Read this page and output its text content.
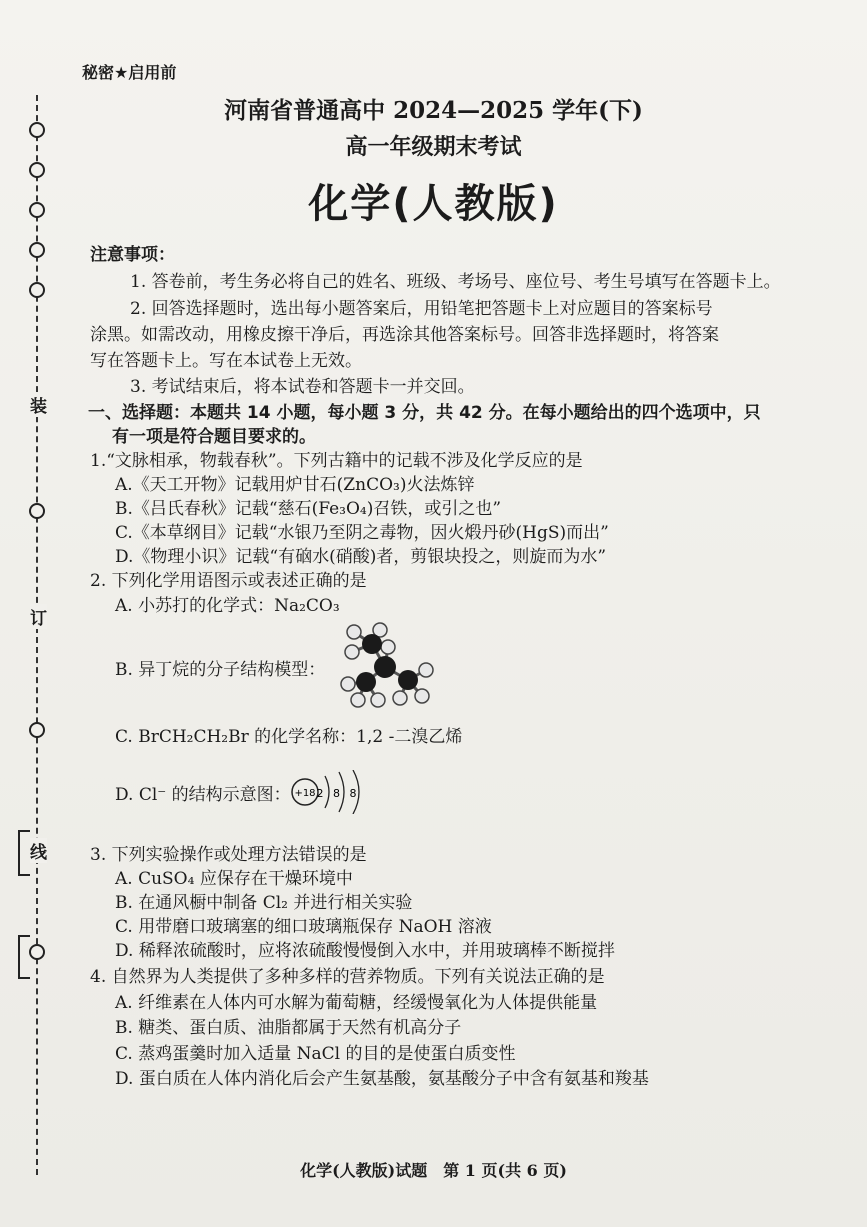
装
订
线
秘密★启用前
河南省普通高中 2024—2025 学年(下)
高一年级期末考试
化学(人教版)
注意事项：
1. 答卷前，考生务必将自己的姓名、班级、考场号、座位号、考生号填写在答题卡上。
2. 回答选择题时，选出每小题答案后，用铅笔把答题卡上对应题目的答案标号
涂黑。如需改动，用橡皮擦干净后，再选涂其他答案标号。回答非选择题时，将答案
写在答题卡上。写在本试卷上无效。
3. 考试结束后，将本试卷和答题卡一并交回。
一、选择题：本题共 14 小题，每小题 3 分，共 42 分。在每小题给出的四个选项中，只
有一项是符合题目要求的。
1.“文脉相承，物载春秋”。下列古籍中的记载不涉及化学反应的是
A.《天工开物》记载用炉甘石(ZnCO₃)火法炼锌
B.《吕氏春秋》记载“慈石(Fe₃O₄)召铁，或引之也”
C.《本草纲目》记载“水银乃至阴之毒物，因火煅丹砂(HgS)而出”
D.《物理小识》记载“有硇水(硝酸)者，剪银块投之，则旋而为水”
2. 下列化学用语图示或表述正确的是
A. 小苏打的化学式：Na₂CO₃
B. 异丁烷的分子结构模型：
C. BrCH₂CH₂Br 的化学名称：1,2 -二溴乙烯
D. Cl⁻ 的结构示意图： +18 2 8 8
3. 下列实验操作或处理方法错误的是
A. CuSO₄ 应保存在干燥环境中
B. 在通风橱中制备 Cl₂ 并进行相关实验
C. 用带磨口玻璃塞的细口玻璃瓶保存 NaOH 溶液
D. 稀释浓硫酸时，应将浓硫酸慢慢倒入水中，并用玻璃棒不断搅拌
4. 自然界为人类提供了多种多样的营养物质。下列有关说法正确的是
A. 纤维素在人体内可水解为葡萄糖，经缓慢氧化为人体提供能量
B. 糖类、蛋白质、油脂都属于天然有机高分子
C. 蒸鸡蛋羹时加入适量 NaCl 的目的是使蛋白质变性
D. 蛋白质在人体内消化后会产生氨基酸，氨基酸分子中含有氨基和羧基
化学(人教版)试题　第 1 页(共 6 页)
